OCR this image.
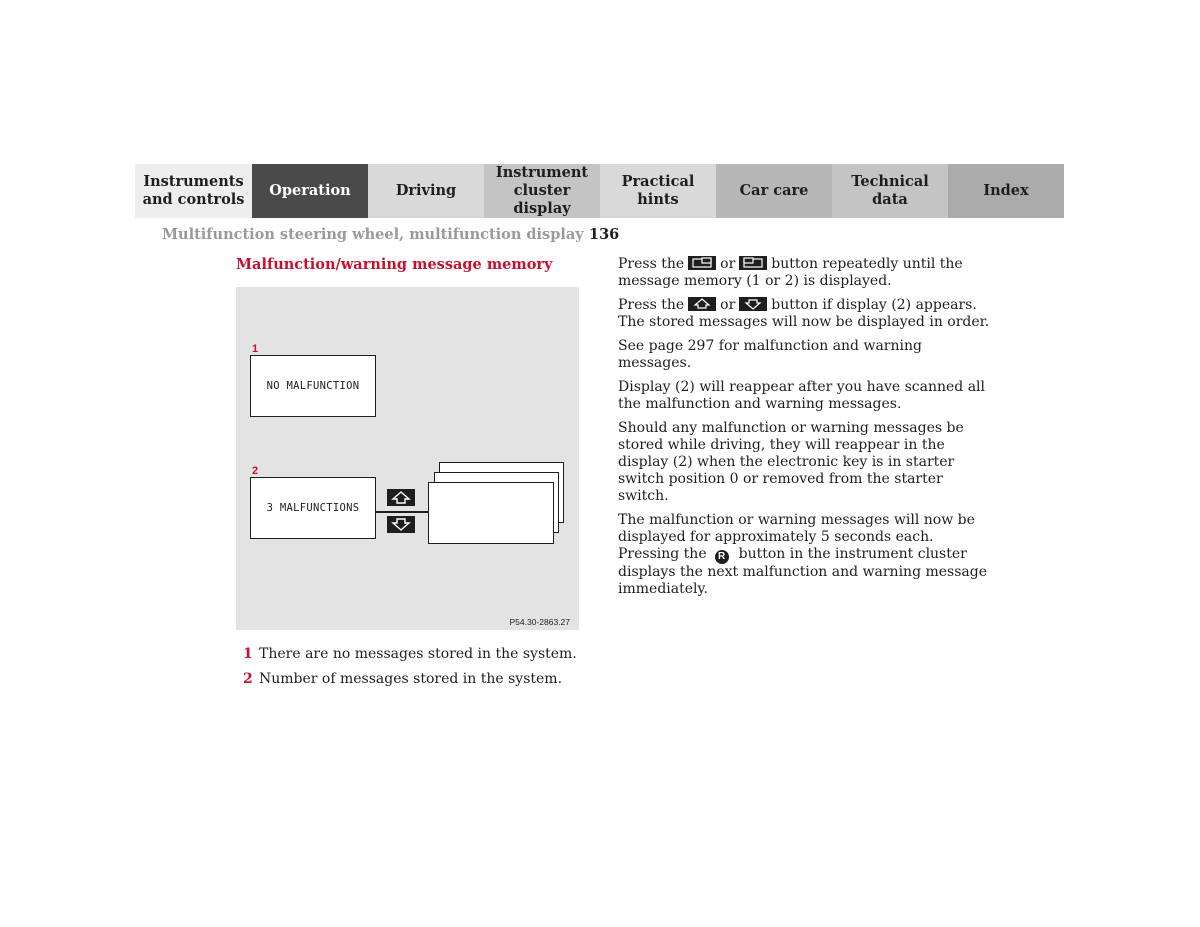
Instruments
and controls
Operation	Driving
Instrument
cluster display
Practical hints
Car care
Technical
data
Index
Multifunction steering wheel, multifunction display 136
Malfunction/warning message memory
1
NO MALFUNCTION
2
3 MALFUNCTIONS
P54.30-2863.27
1 There are no messages stored in the system.
2 Number of messages stored in the system.

Press the	or	button repeatedly until the message memory (1 or 2) is displayed.

Press the	or	button if display (2) appears. The stored messages will now be displayed in order.

See page 297 for malfunction and warning messages.

Display (2) will reappear after you have scanned all the malfunction and warning messages.

Should any malfunction or warning messages be stored while driving, they will reappear in the display (2) when the electronic key is in starter switch position 0 or removed from the starter switch.

The malfunction or warning messages will now be displayed for approximately 5 seconds each. Pressing the R button in the instrument cluster displays the next malfunction and warning message immediately.
